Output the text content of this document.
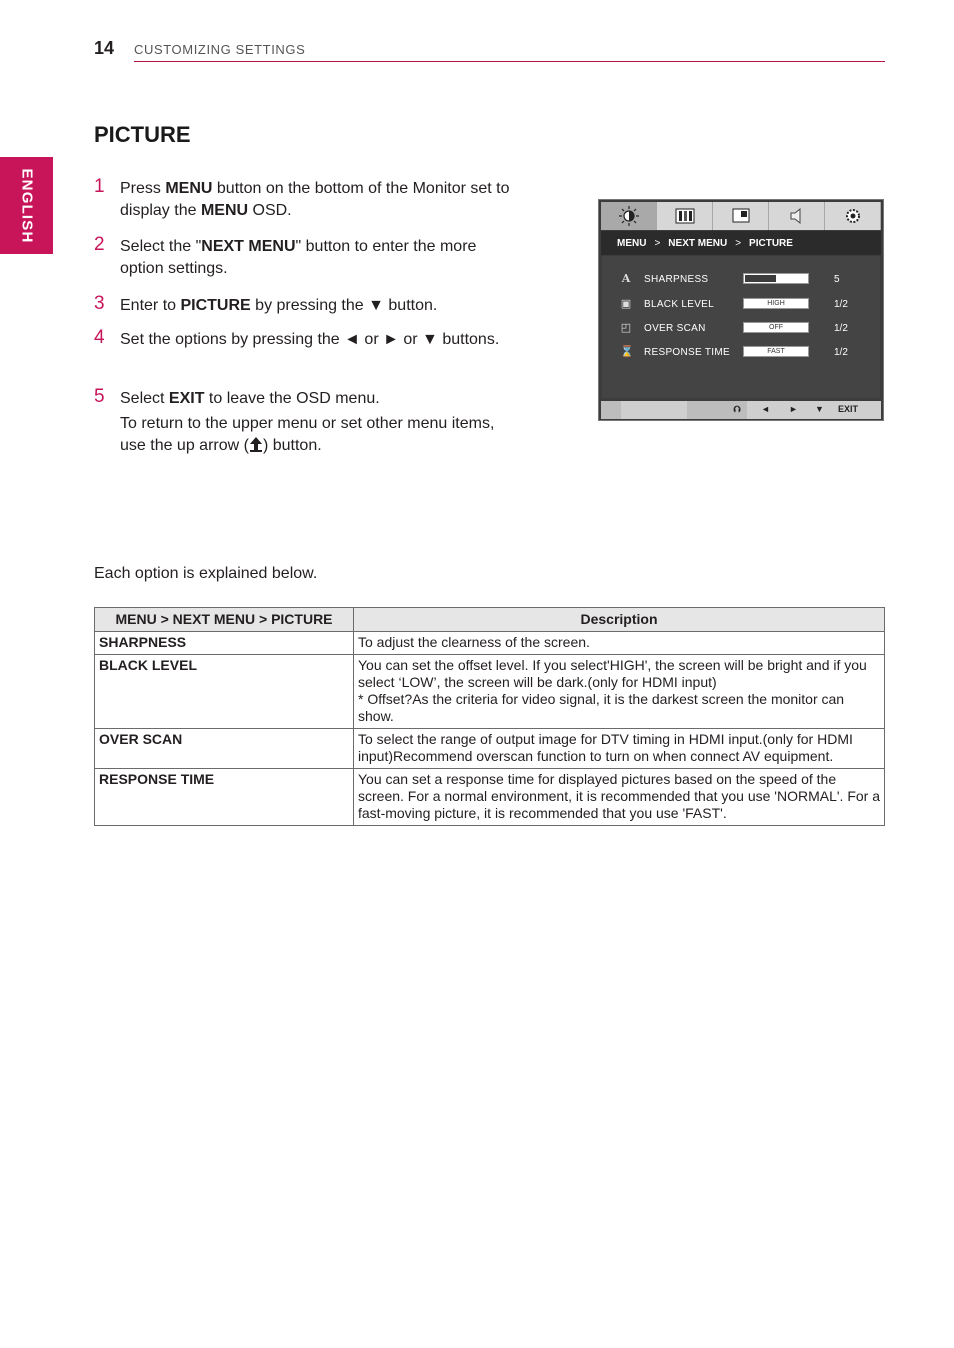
14 CUSTOMIZING SETTINGS
ENGLISH
PICTURE
1 Press MENU button on the bottom of the Monitor set to display the MENU OSD.
2 Select the "NEXT MENU" button to enter the more option settings.
3 Enter to PICTURE by pressing the ▼ button.
4 Set the options by pressing the ◄ or ► or ▼ buttons.
5 Select EXIT to leave the OSD menu.

To return to the upper menu or set other menu items, use the up arrow ( ) button.

MENU > NEXT MENU > PICTURE
A SHARPNESS	5
▣ BLACK LEVEL	HIGH	1/2
◰ OVER SCAN	OFF	1/2
⌛ RESPONSE TIME	FAST	1/2
⮉ ◄ ► ▼ EXIT
Each option is explained below.
MENU > NEXT MENU > PICTURE	Description
SHARPNESS	To adjust the clearness of the screen.

BLACK LEVEL	You can set the offset level. If you select'HIGH', the screen will be bright and if you select ‘LOW’, the screen will be dark.(only for HDMI input)
* Offset?As the criteria for video signal, it is the darkest screen the monitor can show.

OVER SCAN	To select the range of output image for DTV timing in HDMI input.(only for HDMI input)Recommend overscan function to turn on when connect AV equipment.

RESPONSE TIME	You can set a response time for displayed pictures based on the speed of the screen. For a normal environment, it is recommended that you use 'NORMAL'. For a fast-moving picture, it is recommended that you use 'FAST'.
